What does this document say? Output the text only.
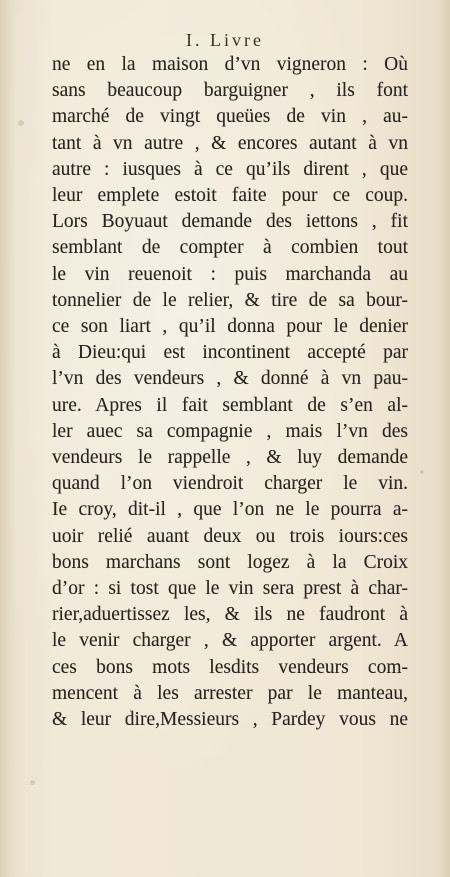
I. Livre
ne en la maison d’vn vigneron : Où
sans beaucoup barguigner , ils font
marché de vingt queües de vin , au-
tant à vn autre , & encores autant à vn
autre : iusques à ce qu’ils dirent , que
leur emplete estoit faite pour ce coup.
Lors Boyuaut demande des iettons , fit
semblant de compter à combien tout
le vin reuenoit : puis marchanda au
tonnelier de le relier, & tire de sa bour-
ce son liart , qu’il donna pour le denier
à Dieu:qui est incontinent accepté par
l’vn des vendeurs , & donné à vn pau-
ure. Apres il fait semblant de s’en al-
ler auec sa compagnie , mais l’vn des
vendeurs le rappelle , & luy demande
quand l’on viendroit charger le vin.
Ie croy, dit-il , que l’on ne le pourra a-
uoir relié auant deux ou trois iours:ces
bons marchans sont logez à la Croix
d’or : si tost que le vin sera prest à char-
rier,aduertissez les, & ils ne faudront à
le venir charger , & apporter argent. A
ces bons mots lesdits vendeurs com-
mencent à les arrester par le manteau,
& leur dire,Messieurs , Pardey vous ne
